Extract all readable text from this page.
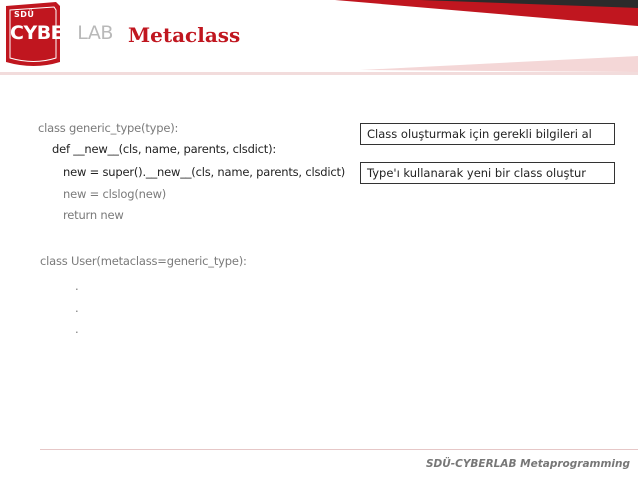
SDÜ
CYBERLAB Metaclass
class generic_type(type):
def __new__(cls, name, parents, clsdict):
new = super().__new__(cls, name, parents, clsdict)
new = clslog(new)
return new
class User(metaclass=generic_type):
.
.
.
Class oluşturmak için gerekli bilgileri al
Type'ı kullanarak yeni bir class oluştur
SDÜ-CYBERLAB Metaprogramming
